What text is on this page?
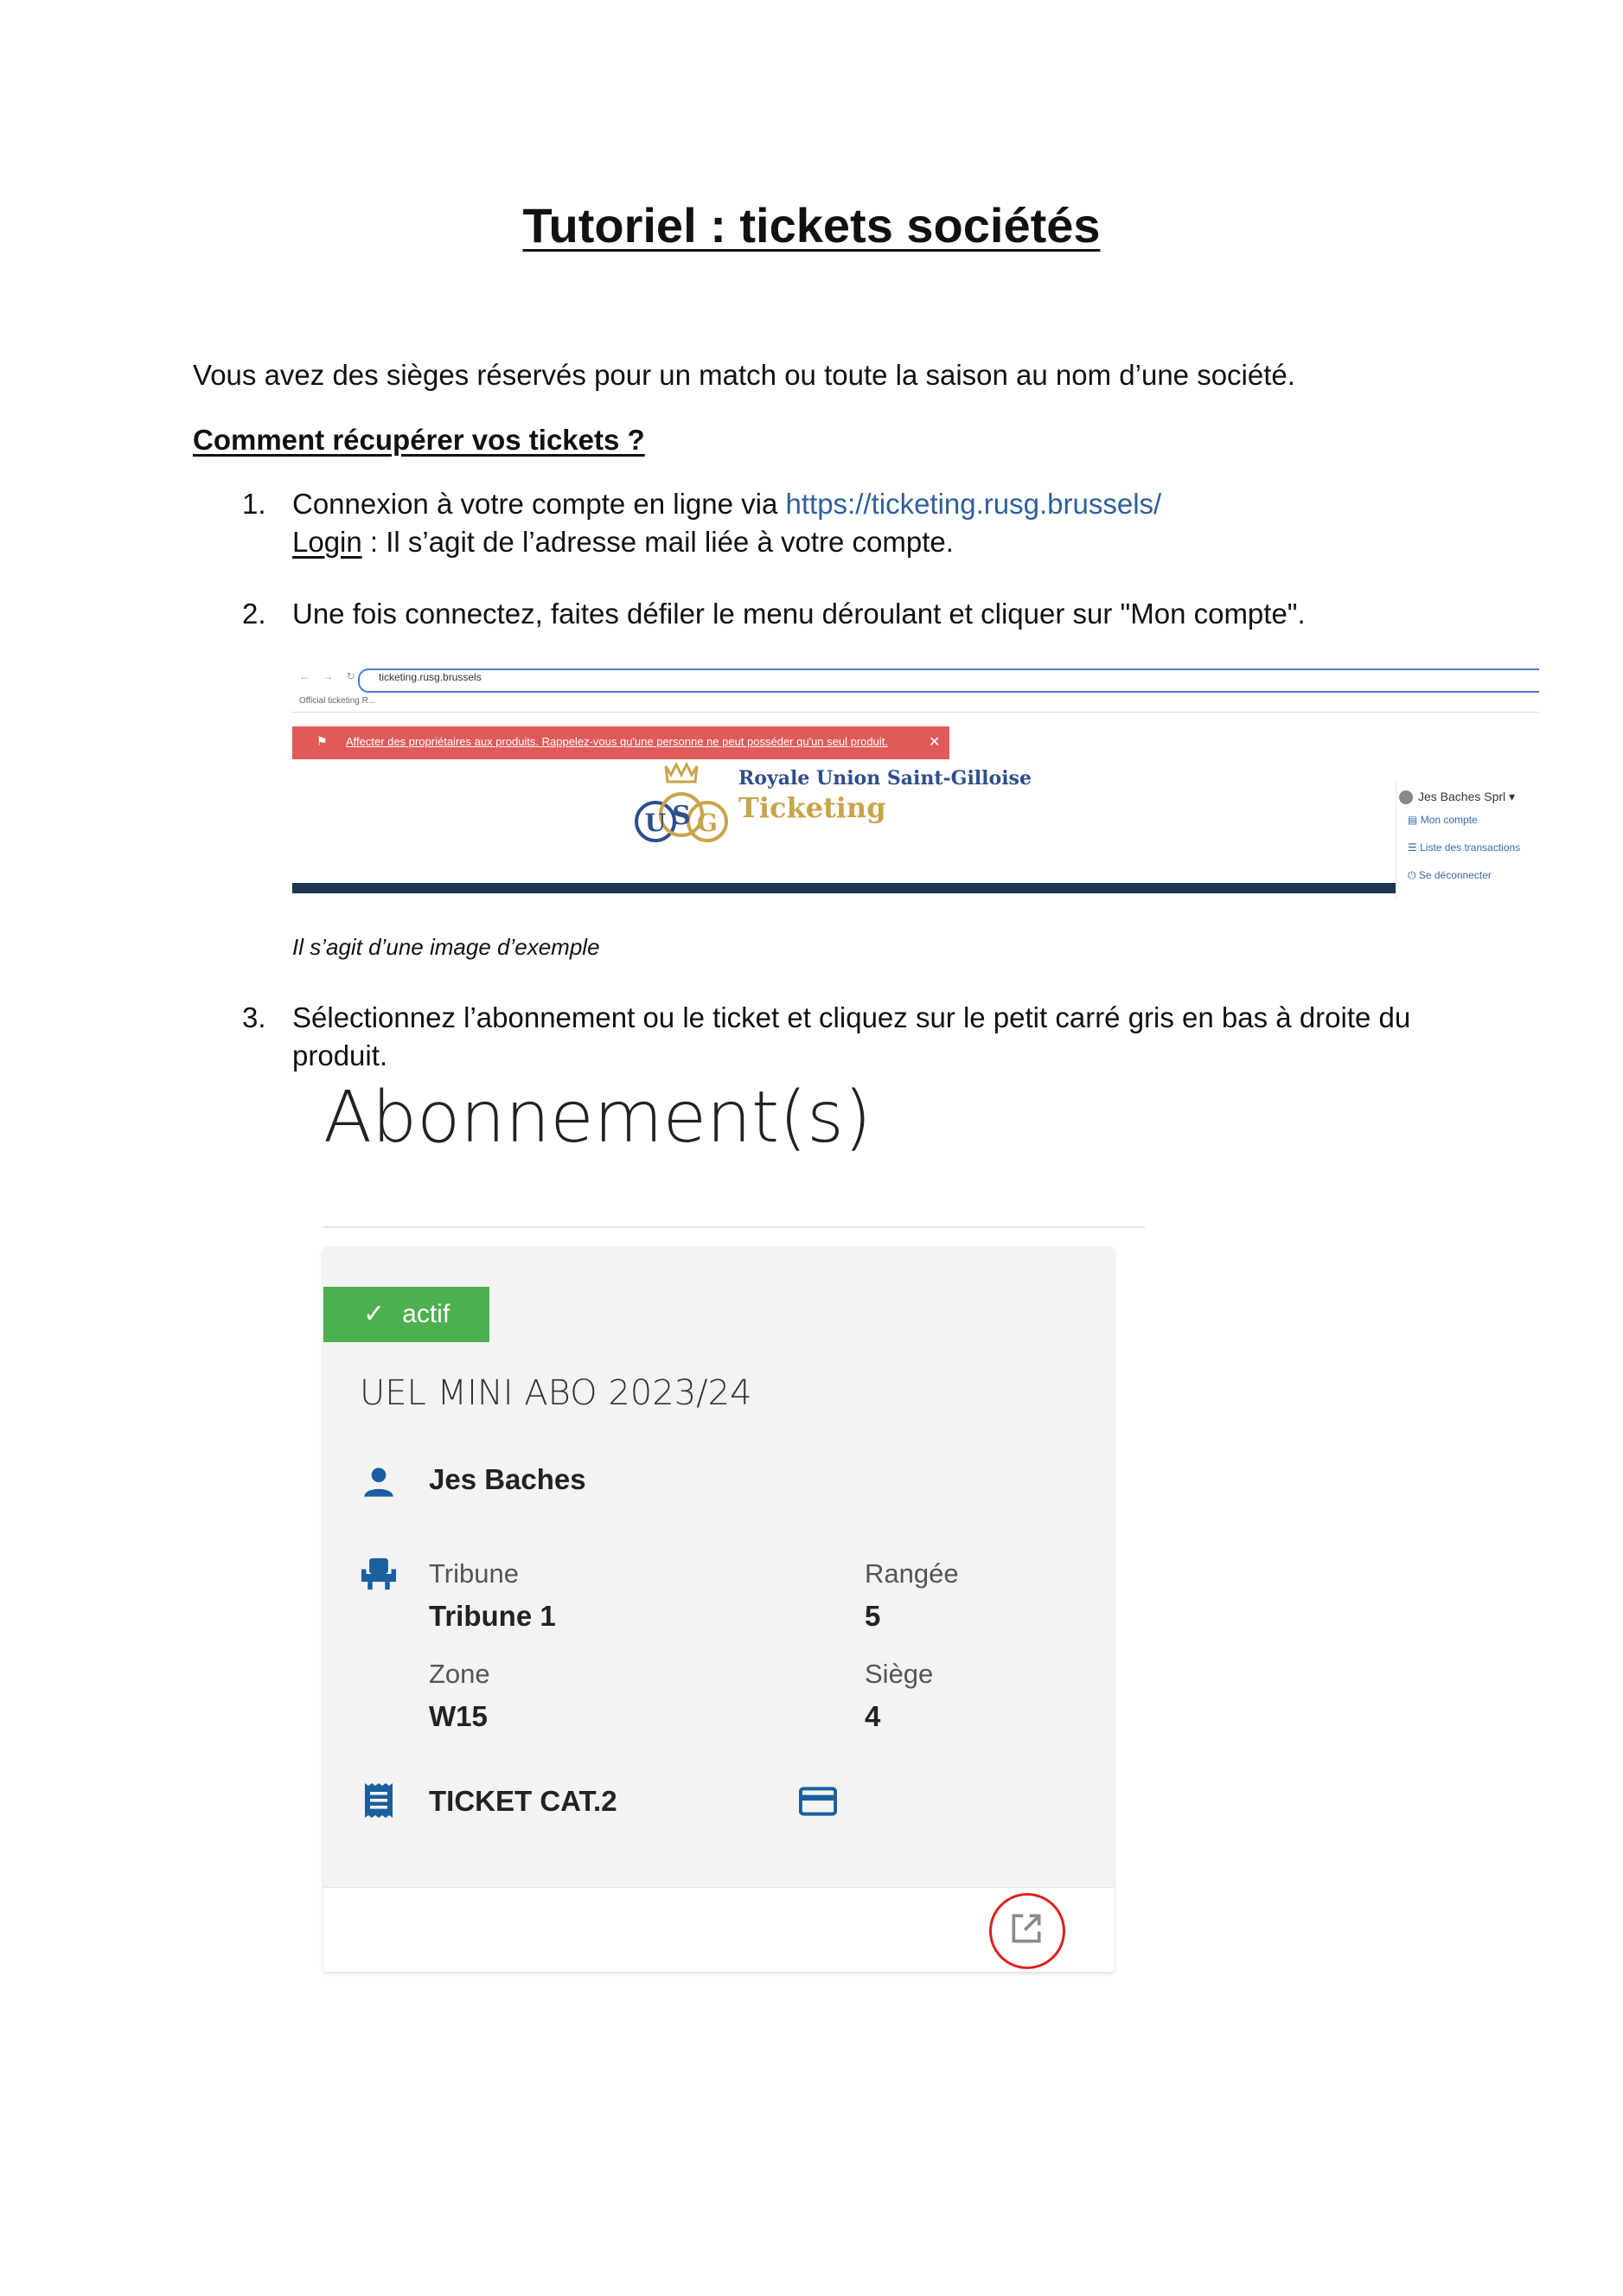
Tutoriel : tickets sociétés
Vous avez des sièges réservés pour un match ou toute la saison au nom d’une société.
Comment récupérer vos tickets ?
1. Connexion à votre compte en ligne via https://ticketing.rusg.brussels/
Login : Il s’agit de l’adresse mail liée à votre compte.
2. Une fois connectez, faites défiler le menu déroulant et cliquer sur "Mon compte".
← → ↻ ticketing.rusg.brussels
Official ticketing R...
⚑ Affecter des propriétaires aux produits. Rappelez-vous qu'une personne ne peut posséder qu'un seul produit.	✕
U S G
Royale Union Saint-Gilloise
Ticketing	Jes Baches Sprl ▾
▤ Mon compte
☰ Liste des transactions
⏻ Se déconnecter
Il s’agit d’une image d’exemple
3. Sélectionnez l’abonnement ou le ticket et cliquez sur le petit carré gris en bas à droite du
produit.
Abonnement(s)
✓ actif
UEL MINI ABO 2023/24
Jes Baches
Tribune
Tribune 1
Rangée
5
Zone
W15
Siège
4
TICKET CAT.2
